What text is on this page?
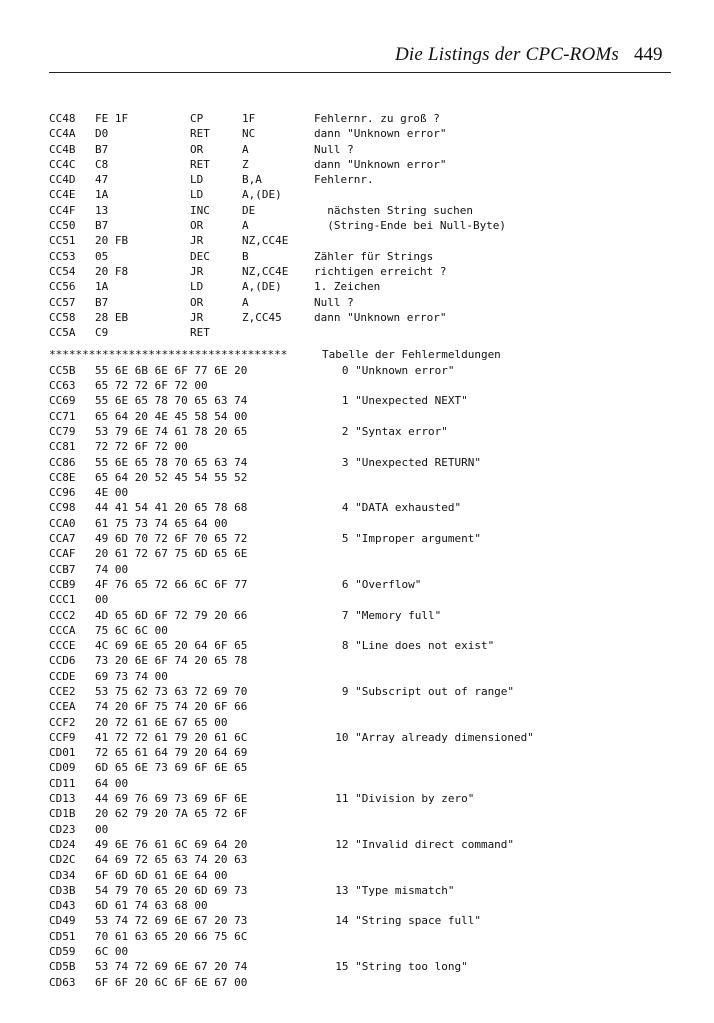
Die Listings der CPC-ROMs 449
CC48 FE 1F	CP	1F	Fehlernr. zu groß ?
CC4A D0	RET	NC	dann "Unknown error"
CC4B B7	OR	A	Null ?
CC4C C8	RET	Z	dann "Unknown error"
CC4D 47	LD	B,A	Fehlernr.
CC4E 1A	LD	A,(DE)
CC4F 13	INC	DE	nächsten String suchen
CC50 B7	OR	A	(String-Ende bei Null-Byte)
CC51 20 FB	JR	NZ,CC4E
CC53 05	DEC	B	Zähler für Strings
CC54 20 F8	JR	NZ,CC4E richtigen erreicht ?
CC56 1A	LD	A,(DE)	1. Zeichen
CC57 B7	OR	A	Null ?
CC58 28 EB	JR	Z,CC45	dann "Unknown error"
CC5A C9	RET

************************************

	Tabelle der Fehlermeldungen

CC5B 55 6E 6B 6E 6F 77 6E 20	0 "Unknown error"
CC63 65 72 72 6F 72 00
CC69 55 6E 65 78 70 65 63 74	1 "Unexpected NEXT"
CC71 65 64 20 4E 45 58 54 00
CC79 53 79 6E 74 61 78 20 65	2 "Syntax error"
CC81 72 72 6F 72 00
CC86 55 6E 65 78 70 65 63 74	3 "Unexpected RETURN"
CC8E 65 64 20 52 45 54 55 52
CC96 4E 00
CC98 44 41 54 41 20 65 78 68	4 "DATA exhausted"
CCA0 61 75 73 74 65 64 00
CCA7 49 6D 70 72 6F 70 65 72	5 "Improper argument"
CCAF 20 61 72 67 75 6D 65 6E
CCB7 74 00
CCB9 4F 76 65 72 66 6C 6F 77	6 "Overflow"
CCC1 00
CCC2 4D 65 6D 6F 72 79 20 66	7 "Memory full"
CCCA 75 6C 6C 00
CCCE 4C 69 6E 65 20 64 6F 65	8 "Line does not exist"
CCD6 73 20 6E 6F 74 20 65 78
CCDE 69 73 74 00
CCE2 53 75 62 73 63 72 69 70	9 "Subscript out of range"
CCEA 74 20 6F 75 74 20 6F 66
CCF2 20 72 61 6E 67 65 00
CCF9 41 72 72 61 79 20 61 6C	10 "Array already dimensioned"
CD01 72 65 61 64 79 20 64 69
CD09 6D 65 6E 73 69 6F 6E 65
CD11 64 00
CD13 44 69 76 69 73 69 6F 6E	11 "Division by zero"
CD1B 20 62 79 20 7A 65 72 6F
CD23 00
CD24 49 6E 76 61 6C 69 64 20	12 "Invalid direct command"
CD2C 64 69 72 65 63 74 20 63
CD34 6F 6D 6D 61 6E 64 00
CD3B 54 79 70 65 20 6D 69 73	13 "Type mismatch"
CD43 6D 61 74 63 68 00
CD49 53 74 72 69 6E 67 20 73	14 "String space full"
CD51 70 61 63 65 20 66 75 6C
CD59 6C 00
CD5B 53 74 72 69 6E 67 20 74	15 "String too long"
CD63 6F 6F 20 6C 6F 6E 67 00
